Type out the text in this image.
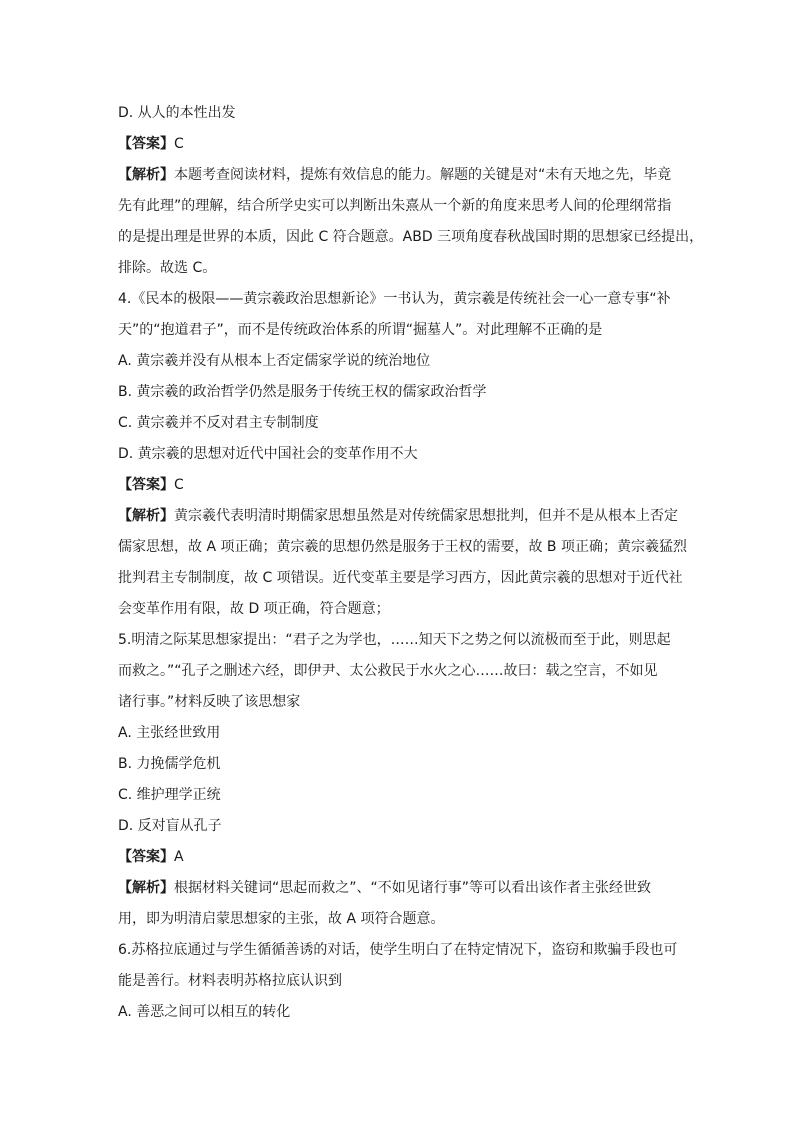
D. 从人的本性出发
【答案】C
【解析】本题考查阅读材料，提炼有效信息的能力。解题的关键是对“未有天地之先，毕竟
先有此理”的理解，结合所学史实可以判断出朱熹从一个新的角度来思考人间的伦理纲常指
的是提出理是世界的本质，因此 C 符合题意。ABD 三项角度春秋战国时期的思想家已经提出，
排除。故选 C。
4.《民本的极限——黄宗羲政治思想新论》一书认为，黄宗羲是传统社会一心一意专事“补
天”的“抱道君子”，而不是传统政治体系的所谓“掘墓人”。对此理解不正确的是
A. 黄宗羲并没有从根本上否定儒家学说的统治地位
B. 黄宗羲的政治哲学仍然是服务于传统王权的儒家政治哲学
C. 黄宗羲并不反对君主专制制度
D. 黄宗羲的思想对近代中国社会的变革作用不大
【答案】C
【解析】黄宗羲代表明清时期儒家思想虽然是对传统儒家思想批判，但并不是从根本上否定
儒家思想，故 A 项正确；黄宗羲的思想仍然是服务于王权的需要，故 B 项正确；黄宗羲猛烈
批判君主专制制度，故 C 项错误。近代变革主要是学习西方，因此黄宗羲的思想对于近代社
会变革作用有限，故 D 项正确，符合题意；
5.明清之际某思想家提出：“君子之为学也，……知天下之势之何以流极而至于此，则思起
而救之。”“孔子之删述六经，即伊尹、太公救民于水火之心……故曰：载之空言，不如见
诸行事。”材料反映了该思想家
A. 主张经世致用
B. 力挽儒学危机
C. 维护理学正统
D. 反对盲从孔子
【答案】A
【解析】根据材料关键词“思起而救之”、“不如见诸行事”等可以看出该作者主张经世致
用，即为明清启蒙思想家的主张，故 A 项符合题意。
6.苏格拉底通过与学生循循善诱的对话，使学生明白了在特定情况下，盗窃和欺骗手段也可
能是善行。材料表明苏格拉底认识到
A. 善恶之间可以相互的转化
